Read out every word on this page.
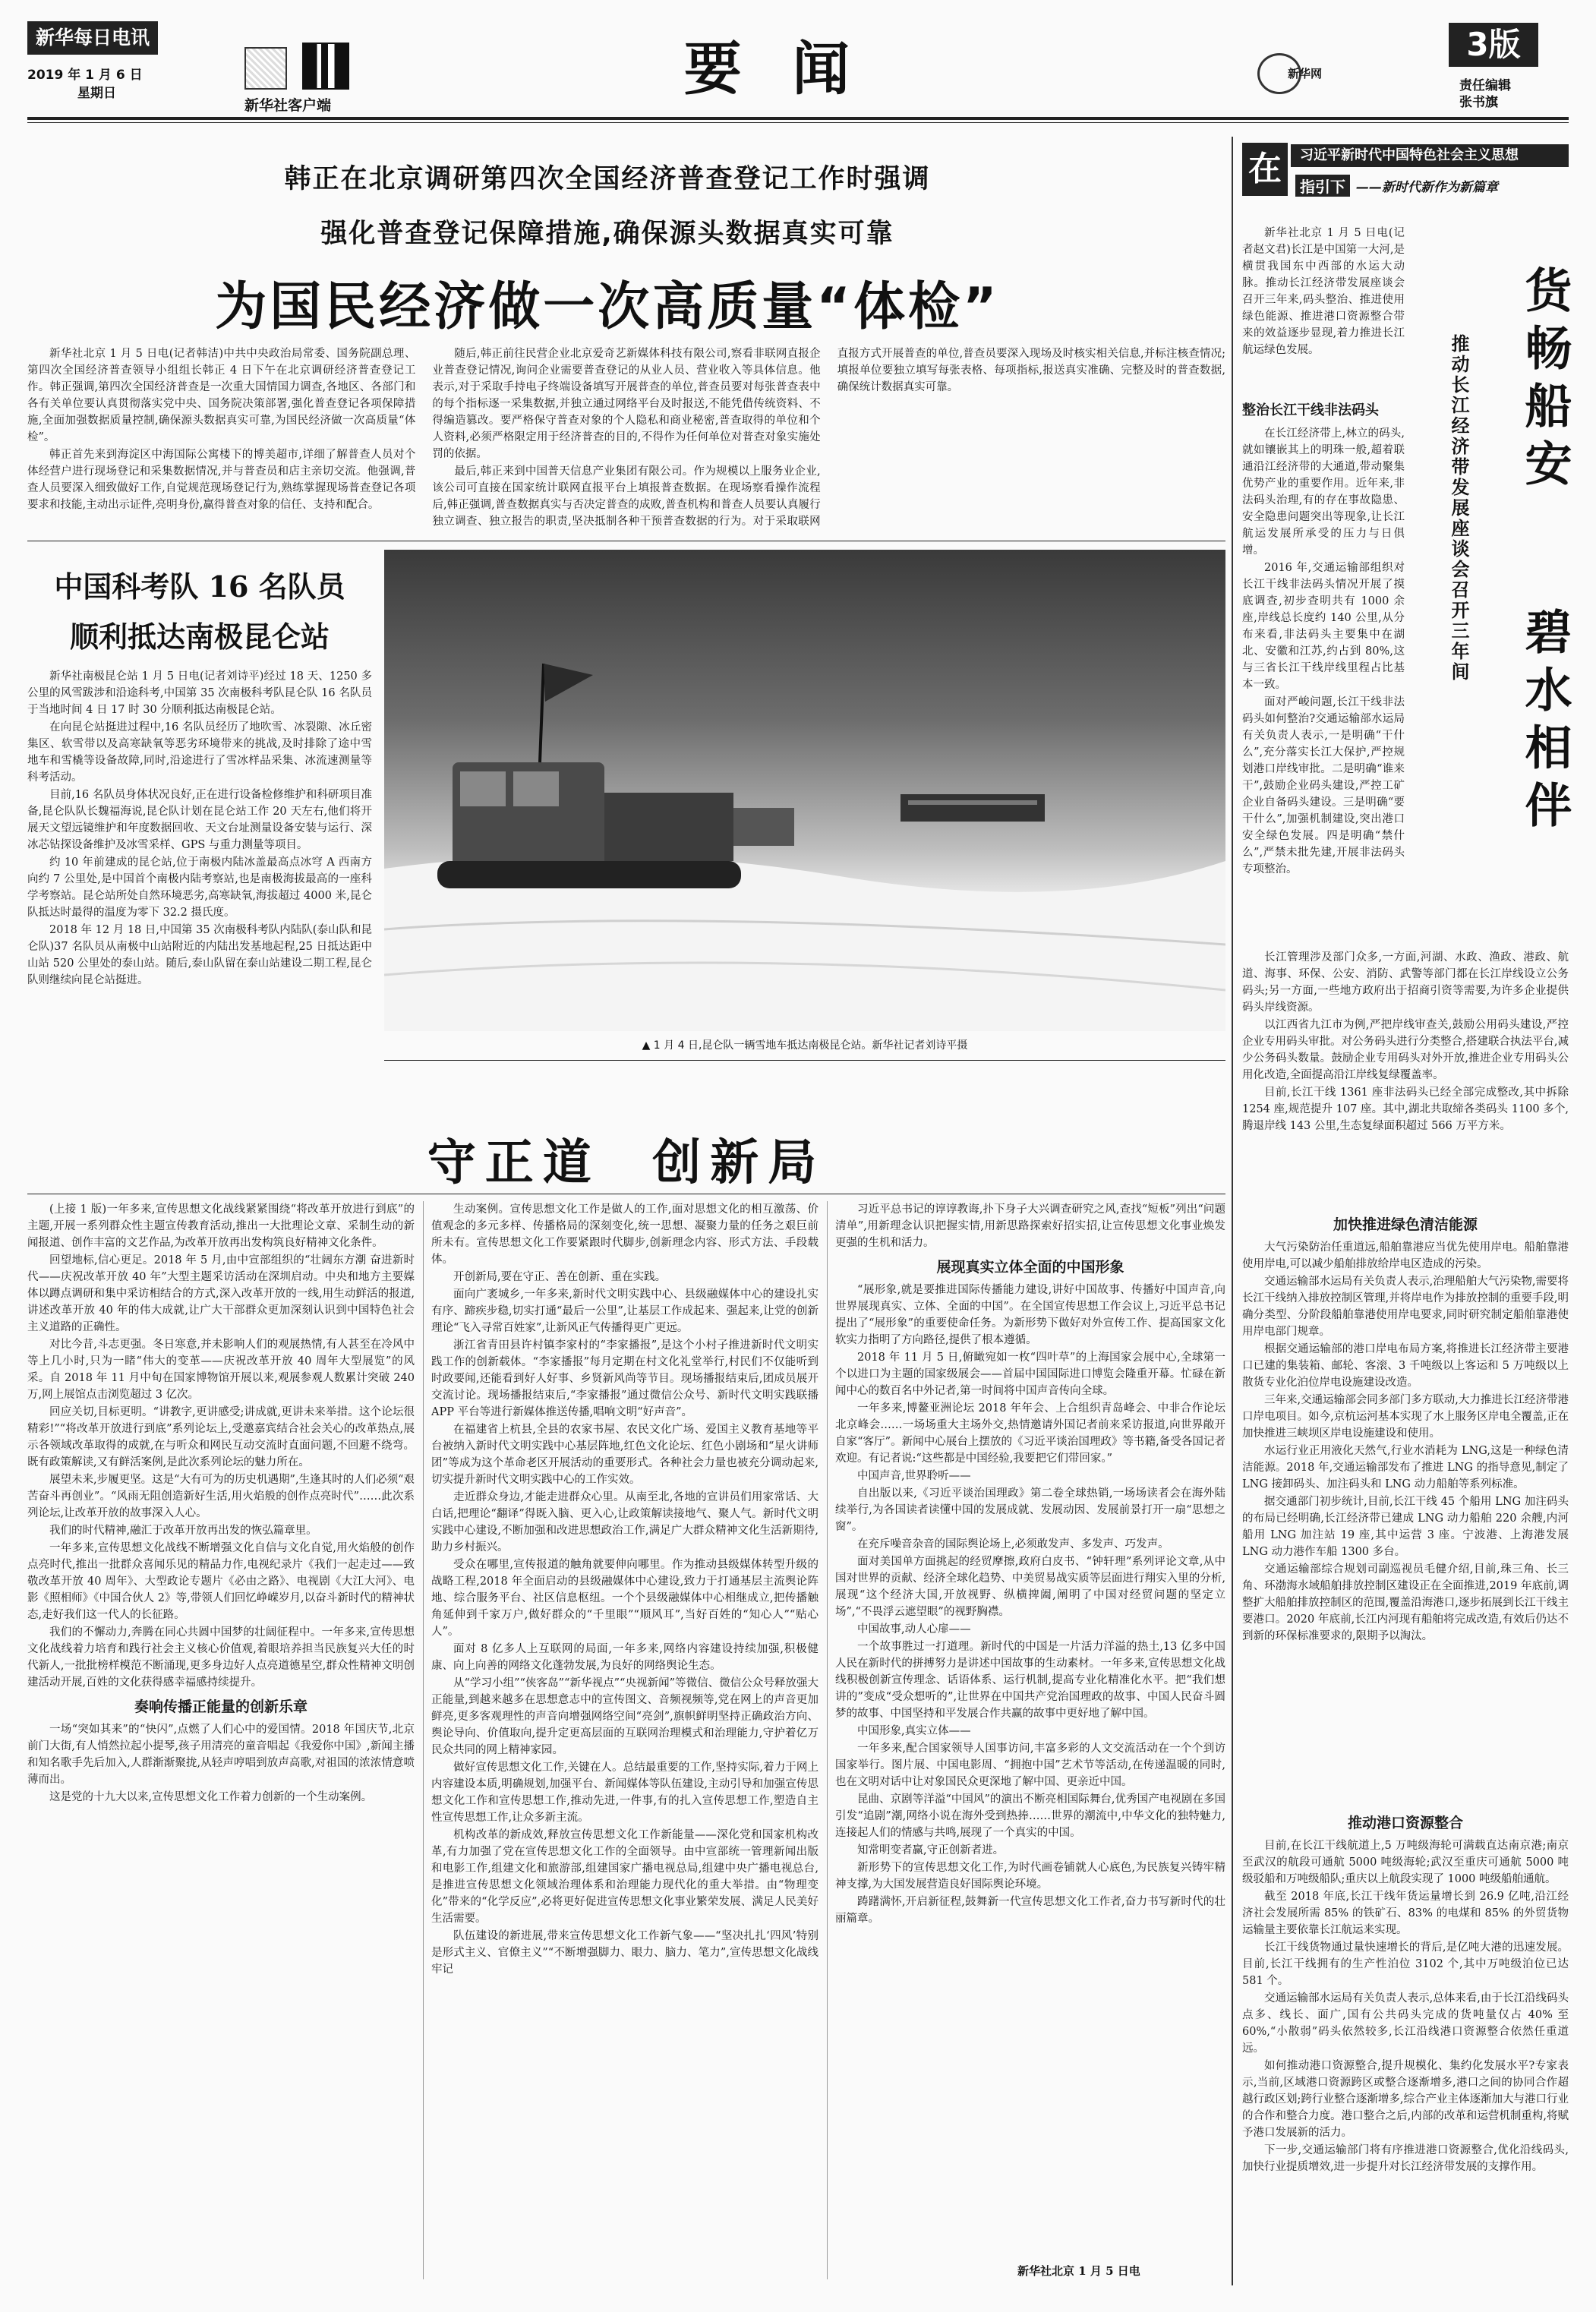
新华每日电讯
2019 年 1 月 6 日
星期日
新华社客户端
要 闻	新华网
3版
责任编辑
张书旗
韩正在北京调研第四次全国经济普查登记工作时强调
强化普查登记保障措施,确保源头数据真实可靠
为国民经济做一次高质量“体检”

新华社北京 1 月 5 日电(记者韩洁)中共中央政治局常委、国务院副总理、第四次全国经济普查领导小组组长韩正 4 日下午在北京调研经济普查登记工作。韩正强调,第四次全国经济普查是一次重大国情国力调查,各地区、各部门和各有关单位要认真贯彻落实党中央、国务院决策部署,强化普查登记各项保障措施,全面加强数据质量控制,确保源头数据真实可靠,为国民经济做一次高质量“体检”。

韩正首先来到海淀区中海国际公寓楼下的博美超市,详细了解普查人员对个体经营户进行现场登记和采集数据情况,并与普查员和店主亲切交流。他强调,普查人员要深入细致做好工作,自觉规范现场登记行为,熟练掌握现场普查登记各项要求和技能,主动出示证件,亮明身份,赢得普查对象的信任、支持和配合。

随后,韩正前往民营企业北京爱奇艺新媒体科技有限公司,察看非联网直报企业普查登记情况,询问企业需要普查登记的从业人员、营业收入等具体信息。他表示,对于采取手持电子终端设备填写开展普查的单位,普查员要对每张普查表中的每个指标逐一采集数据,并独立通过网络平台及时报送,不能凭借传统资料、不得编造篡改。要严格保守普查对象的个人隐私和商业秘密,普查取得的单位和个人资料,必须严格限定用于经济普查的目的,不得作为任何单位对普查对象实施处罚的依据。

最后,韩正来到中国普天信息产业集团有限公司。作为规模以上服务业企业,该公司可直接在国家统计联网直报平台上填报普查数据。在现场察看操作流程后,韩正强调,普查数据真实与否决定普查的成败,普查机构和普查人员要认真履行独立调查、独立报告的职责,坚决抵制各种干预普查数据的行为。对于采取联网直报方式开展普查的单位,普查员要深入现场及时核实相关信息,并标注核查情况;填报单位要独立填写每张表格、每项指标,报送真实准确、完整及时的普查数据,确保统计数据真实可靠。

中国科考队 16 名队员
顺利抵达南极昆仑站

新华社南极昆仑站 1 月 5 日电(记者刘诗平)经过 18 天、1250 多公里的风雪跋涉和沿途科考,中国第 35 次南极科考队昆仑队 16 名队员于当地时间 4 日 17 时 30 分顺利抵达南极昆仑站。

在向昆仑站挺进过程中,16 名队员经历了地吹雪、冰裂隙、冰丘密集区、软雪带以及高寒缺氧等恶劣环境带来的挑战,及时排除了途中雪地车和雪橇等设备故障,同时,沿途进行了雪冰样品采集、冰流速测量等科考活动。

目前,16 名队员身体状况良好,正在进行设备检修维护和科研项目准备,昆仑队队长魏福海说,昆仑队计划在昆仑站工作 20 天左右,他们将开展天文望远镜维护和年度数据回收、天文台址测量设备安装与运行、深冰芯钻探设备维护及冰雪采样、GPS 与重力测量等项目。

约 10 年前建成的昆仑站,位于南极内陆冰盖最高点冰穹 A 西南方向约 7 公里处,是中国首个南极内陆考察站,也是南极海拔最高的一座科学考察站。昆仑站所处自然环境恶劣,高寒缺氧,海拔超过 4000 米,昆仑队抵达时最得的温度为零下 32.2 摄氏度。

2018 年 12 月 18 日,中国第 35 次南极科考队内陆队(泰山队和昆仑队)37 名队员从南极中山站附近的内陆出发基地起程,25 日抵达距中山站 520 公里处的泰山站。随后,泰山队留在泰山站建设二期工程,昆仑队则继续向昆仑站挺进。

▲ 1 月 4 日,昆仑队一辆雪地车抵达南极昆仑站。新华社记者刘诗平摄
守正道  创新局

(上接 1 版)一年多来,宣传思想文化战线紧紧围绕“将改革开放进行到底”的主题,开展一系列群众性主题宣传教育活动,推出一大批理论文章、采制生动的新闻报道、创作丰富的文艺作品,为改革开放再出发构筑良好精神文化条件。

回望地标,信心更足。2018 年 5 月,由中宣部组织的“壮阔东方潮 奋进新时代——庆祝改革开放 40 年”大型主题采访活动在深圳启动。中央和地方主要媒体以蹲点调研和集中采访相结合的方式,深入改革开放的一线,用生动鲜活的报道,讲述改革开放 40 年的伟大成就,让广大干部群众更加深刻认识到中国特色社会主义道路的正确性。

对比今昔,斗志更强。冬日寒意,并未影响人们的观展热情,有人甚至在冷风中等上几小时,只为一睹“伟大的变革——庆祝改革开放 40 周年大型展览”的风采。自 2018 年 11 月中旬在国家博物馆开展以来,观展参观人数累计突破 240 万,网上展馆点击浏览超过 3 亿次。

回应关切,目标更明。“讲教字,更讲感受;讲成就,更讲未来举措。这个论坛很精彩!”“将改革开放进行到底”系列论坛上,受邀嘉宾结合社会关心的改革热点,展示各领域改革取得的成就,在与听众和网民互动交流时直面问题,不回避不绕弯。既有政策解读,又有鲜活案例,是此次系列论坛的魅力所在。

展望未来,步履更坚。这是“大有可为的历史机遇期”,生逢其时的人们必须“艰苦奋斗再创业”。“风雨无阻创造新好生活,用火焰般的创作点亮时代”……此次系列论坛,让改革开放的故事深入人心。

我们的时代精神,融汇于改革开放再出发的恢弘篇章里。

一年多来,宣传思想文化战线不断增强文化自信与文化自觉,用火焰般的创作点亮时代,推出一批群众喜闻乐见的精品力作,电视纪录片《我们一起走过——致敬改革开放 40 周年》、大型政论专题片《必由之路》、电视剧《大江大河》、电影《照相师》《中国合伙人 2》等,带领人们回忆峥嵘岁月,以奋斗新时代的精神状态,走好我们这一代人的长征路。

我们的不懈动力,奔腾在同心共圆中国梦的壮阔征程中。一年多来,宣传思想文化战线着力培育和践行社会主义核心价值观,着眼培养担当民族复兴大任的时代新人,一批批榜样模范不断涌现,更多身边好人点亮道德星空,群众性精神文明创建活动开展,百姓的文化获得感幸福感持续提升。

奏响传播正能量的创新乐章

一场“突如其来”的“快闪”,点燃了人们心中的爱国情。2018 年国庆节,北京前门大街,有人悄然拉起小提琴,孩子用清亮的童音唱起《我爱你中国》,新闻主播和知名歌手先后加入,人群渐渐聚拢,从轻声哼唱到放声高歌,对祖国的浓浓情意喷薄而出。

这是党的十九大以来,宣传思想文化工作着力创新的一个生动案例。

生动案例。宣传思想文化工作是做人的工作,面对思想文化的相互激荡、价值观念的多元多样、传播格局的深刻变化,统一思想、凝聚力量的任务之艰巨前所未有。宣传思想文化工作要紧跟时代脚步,创新理念内容、形式方法、手段载体。

开创新局,要在守正、善在创新、重在实践。

面向广袤城乡,一年多来,新时代文明实践中心、县级融媒体中心的建设扎实有序、蹄疾步稳,切实打通“最后一公里”,让基层工作成起来、强起来,让党的创新理论“飞入寻常百姓家”,让新风正气传播得更广更远。

浙江省青田县许村镇李家村的“李家播报”,是这个小村子推进新时代文明实践工作的创新载体。“李家播报”每月定期在村文化礼堂举行,村民们不仅能听到时政要闻,还能看到好人好事、乡贤新风尚等节目。现场播报结束后,团成员展开交流讨论。现场播报结束后,“李家播报”通过微信公众号、新时代文明实践联播 APP 平台等进行新媒体推送传播,唱响文明“好声音”。

在福建省上杭县,全县的农家书屋、农民文化广场、爱国主义教育基地等平台被纳入新时代文明实践中心基层阵地,红色文化论坛、红色小剧场和“星火讲师团”等成为这个革命老区开展活动的重要形式。各种社会力量也被充分调动起来,切实提升新时代文明实践中心的工作实效。

走近群众身边,才能走进群众心里。从南至北,各地的宣讲员们用家常话、大白话,把理论“翻译”得既入脑、更入心,让政策解读接地气、聚人气。新时代文明实践中心建设,不断加强和改进思想政治工作,满足广大群众精神文化生活新期待,助力乡村振兴。

受众在哪里,宣传报道的触角就要伸向哪里。作为推动县级媒体转型升级的战略工程,2018 年全面启动的县级融媒体中心建设,致力于打通基层主流舆论阵地、综合服务平台、社区信息枢纽。一个个县级融媒体中心相继成立,把传播触角延伸到千家万户,做好群众的“千里眼”“顺风耳”,当好百姓的“知心人”“贴心人”。

面对 8 亿多人上互联网的局面,一年多来,网络内容建设持续加强,积极健康、向上向善的网络文化蓬勃发展,为良好的网络舆论生态。

从“学习小组”“侠客岛”“新华视点”“央视新闻”等微信、微信公众号释放强大正能量,到越来越多在思想意志中的宣传图文、音频视频等,党在网上的声音更加鲜亮,更多客观理性的声音向增强网络空间“亮剑”,旗帜鲜明坚持正确政治方向、舆论导向、价值取向,提升定更高层面的互联网治理模式和治理能力,守护着亿万民众共同的网上精神家园。

做好宣传思想文化工作,关键在人。总结最重要的工作,坚持实际,着力于网上内容建设本质,明确规划,加强平台、新闻媒体等队伍建设,主动引导和加强宣传思想文化工作和宣传思想工作,推动先进,一件事,有的扎入宣传思想工作,塑造自主性宣传思想工作,让众多新主流。

机构改革的新成效,释放宣传思想文化工作新能量——深化党和国家机构改革,有力加强了党在宣传思想文化工作的全面领导。由中宣部统一管理新闻出版和电影工作,组建文化和旅游部,组建国家广播电视总局,组建中央广播电视总台,是推进宣传思想文化领域治理体系和治理能力现代化的重大举措。由“物理变化”带来的“化学反应”,必将更好促进宣传思想文化事业繁荣发展、满足人民美好生活需要。

队伍建设的新进展,带来宣传思想文化工作新气象——“坚决扎扎‘四风’特别是形式主义、官僚主义”“不断增强脚力、眼力、脑力、笔力”,宣传思想文化战线牢记

习近平总书记的谆谆教诲,扑下身子大兴调查研究之风,查找“短板”列出“问题清单”,用新理念认识把握实情,用新思路探索好招实招,让宣传思想文化事业焕发更强的生机和活力。

展现真实立体全面的中国形象

“展形象,就是要推进国际传播能力建设,讲好中国故事、传播好中国声音,向世界展现真实、立体、全面的中国”。在全国宣传思想工作会议上,习近平总书记提出了“展形象”的重要使命任务。为新形势下做好对外宣传工作、提高国家文化软实力指明了方向路径,提供了根本遵循。

2018 年 11 月 5 日,俯瞰宛如一枚“四叶草”的上海国家会展中心,全球第一个以进口为主题的国家级展会——首届中国国际进口博览会隆重开幕。忙碌在新闻中心的数百名中外记者,第一时间将中国声音传向全球。

一年多来,博鳌亚洲论坛 2018 年年会、上合组织青岛峰会、中非合作论坛北京峰会……一场场重大主场外交,热情邀请外国记者前来采访报道,向世界敞开自家“客厅”。新闻中心展台上摆放的《习近平谈治国理政》等书籍,备受各国记者欢迎。有记者说:“这些都是中国经验,我要把它们带回家。”

中国声音,世界聆听——

自出版以来,《习近平谈治国理政》第二卷全球热销,一场场读者会在海外陆续举行,为各国读者读懂中国的发展成就、发展动因、发展前景打开一扇“思想之窗”。

在充斥噪音杂音的国际舆论场上,必须敢发声、多发声、巧发声。

面对美国单方面挑起的经贸摩擦,政府白皮书、“钟轩理”系列评论文章,从中国对世界的贡献、经济全球化趋势、中美贸易战实质等层面进行翔实入里的分析,展现“这个经济大国,开放视野、纵横捭阖,阐明了中国对经贸问题的坚定立场”,“不畏浮云遮望眼”的视野胸襟。

中国故事,动人心扉——

一个故事胜过一打道理。新时代的中国是一片活力洋溢的热土,13 亿多中国人民在新时代的拼搏努力是讲述中国故事的生动素材。一年多来,宣传思想文化战线积极创新宣传理念、话语体系、运行机制,提高专业化精准化水平。把“我们想讲的”变成“受众想听的”,让世界在中国共产党治国理政的故事、中国人民奋斗圆梦的故事、中国坚持和平发展合作共赢的故事中更好地了解中国。

中国形象,真实立体——

一年多来,配合国家领导人国事访问,丰富多彩的人文交流活动在一个个到访国家举行。图片展、中国电影周、“拥抱中国”艺术节等活动,在传递温暖的同时,也在文明对话中让对象国民众更深地了解中国、更亲近中国。

昆曲、京剧等洋溢“中国风”的演出不断亮相国际舞台,优秀国产电视剧在多国引发“追剧”潮,网络小说在海外受到热捧……世界的潮流中,中华文化的独特魅力,连接起人们的情感与共鸣,展现了一个真实的中国。

知常明变者赢,守正创新者进。

新形势下的宣传思想文化工作,为时代画卷铺就人心底色,为民族复兴铸牢精神支撑,为大国发展营造良好国际舆论环境。

踌躇满怀,开启新征程,鼓舞新一代宣传思想文化工作者,奋力书写新时代的壮丽篇章。

新华社北京 1 月 5 日电
在	习近平新时代中国特色社会主义思想
指引下 ——新时代新作为新篇章

新华社北京 1 月 5 日电(记者赵文君)长江是中国第一大河,是横贯我国东中西部的水运大动脉。推动长江经济带发展座谈会召开三年来,码头整治、推进使用绿色能源、推进港口资源整合带来的效益逐步显现,着力推进长江航运绿色发展。	货畅船安
碧水相伴
推动长江经济带发展座谈会召开三年间
整治长江干线非法码头

在长江经济带上,林立的码头,就如镶嵌其上的明珠一般,超着联通沿江经济带的大通道,带动聚集优势产业的重要作用。近年来,非法码头治理,有的存在事故隐患、安全隐患问题突出等现象,让长江航运发展所承受的压力与日俱增。

2016 年,交通运输部组织对长江干线非法码头情况开展了摸底调查,初步查明共有 1000 余座,岸线总长度约 140 公里,从分布来看,非法码头主要集中在湖北、安徽和江苏,约占到 80%,这与三省长江干线岸线里程占比基本一致。

面对严峻问题,长江干线非法码头如何整治?交通运输部水运局有关负责人表示,一是明确“干什么”,充分落实长江大保护,严控规划港口岸线审批。二是明确“谁来干”,鼓励企业码头建设,严控工矿企业自备码头建设。三是明确“要干什么”,加强机制建设,突出港口安全绿色发展。四是明确“禁什么”,严禁未批先建,开展非法码头专项整治。

长江管理涉及部门众多,一方面,河湖、水政、渔政、港政、航道、海事、环保、公安、消防、武警等部门都在长江岸线设立公务码头;另一方面,一些地方政府出于招商引资等需要,为许多企业提供码头岸线资源。

以江西省九江市为例,严把岸线审查关,鼓励公用码头建设,严控企业专用码头审批。对公务码头进行分类整合,搭建联合执法平台,减少公务码头数量。鼓励企业专用码头对外开放,推进企业专用码头公用化改造,全面提高沿江岸线复绿覆盖率。

目前,长江干线 1361 座非法码头已经全部完成整改,其中拆除 1254 座,规范提升 107 座。其中,湖北共取缔各类码头 1100 多个,腾退岸线 143 公里,生态复绿面积超过 566 万平方米。

加快推进绿色清洁能源

大气污染防治任重道远,船舶靠港应当优先使用岸电。船舶靠港使用岸电,可以减少船舶排放给岸电区造成的污染。

交通运输部水运局有关负责人表示,治理船舶大气污染物,需要将长江干线纳入排放控制区管理,并将岸电作为排放控制的重要手段,明确分类型、分阶段船舶靠港使用岸电要求,同时研究制定船舶靠港使用岸电部门规章。

根据交通运输部的港口岸电布局方案,将推进长江经济带主要港口已建的集装箱、邮轮、客滚、3 千吨级以上客运和 5 万吨级以上散货专业化泊位岸电设施建设改造。

三年来,交通运输部会同多部门多方联动,大力推进长江经济带港口岸电项目。如今,京杭运河基本实现了水上服务区岸电全覆盖,正在加快推进三峡坝区岸电设施建设和使用。

水运行业正用液化天然气,行业水消耗为 LNG,这是一种绿色清洁能源。2018 年,交通运输部发布了推进 LNG 的指导意见,制定了 LNG 接卸码头、加注码头和 LNG 动力船舶等系列标准。

据交通部门初步统计,目前,长江干线 45 个船用 LNG 加注码头的布局已经明确,长江经济带已建成 LNG 动力船舶 220 余艘,内河船用 LNG 加注站 19 座,其中运营 3 座。宁波港、上海港发展 LNG 动力港作车船 1300 多台。

交通运输部综合规划司副巡视员毛健介绍,目前,珠三角、长三角、环渤海水域船舶排放控制区建设正在全面推进,2019 年底前,调整扩大船舶排放控制区的范围,覆盖沿海港口,逐步拓展到长江干线主要港口。2020 年底前,长江内河现有船舶将完成改造,有效后仍达不到新的环保标准要求的,限期予以淘汰。

推动港口资源整合

目前,在长江干线航道上,5 万吨级海轮可满载直达南京港;南京至武汉的航段可通航 5000 吨级海轮;武汉至重庆可通航 5000 吨级驳船和万吨级船队;重庆以上航段实现了 1000 吨级船舶通航。

截至 2018 年底,长江干线年货运量增长到 26.9 亿吨,沿江经济社会发展所需 85% 的铁矿石、83% 的电煤和 85% 的外贸货物运输量主要依靠长江航运来实现。

长江干线货物通过量快速增长的背后,是亿吨大港的迅速发展。目前,长江干线拥有的生产性泊位 3102 个,其中万吨级泊位已达 581 个。

交通运输部水运局有关负责人表示,总体来看,由于长江沿线码头点多、线长、面广,国有公共码头完成的货吨量仅占 40% 至 60%,“小散弱”码头依然较多,长江沿线港口资源整合依然任重道远。

如何推动港口资源整合,提升规模化、集约化发展水平?专家表示,当前,区域港口资源跨区或整合逐渐增多,港口之间的协同合作超越行政区划;跨行业整合逐渐增多,综合产业主体逐渐加大与港口行业的合作和整合力度。港口整合之后,内部的改革和运营机制重构,将赋予港口发展新的活力。

下一步,交通运输部门将有序推进港口资源整合,优化沿线码头,加快行业提质增效,进一步提升对长江经济带发展的支撑作用。
